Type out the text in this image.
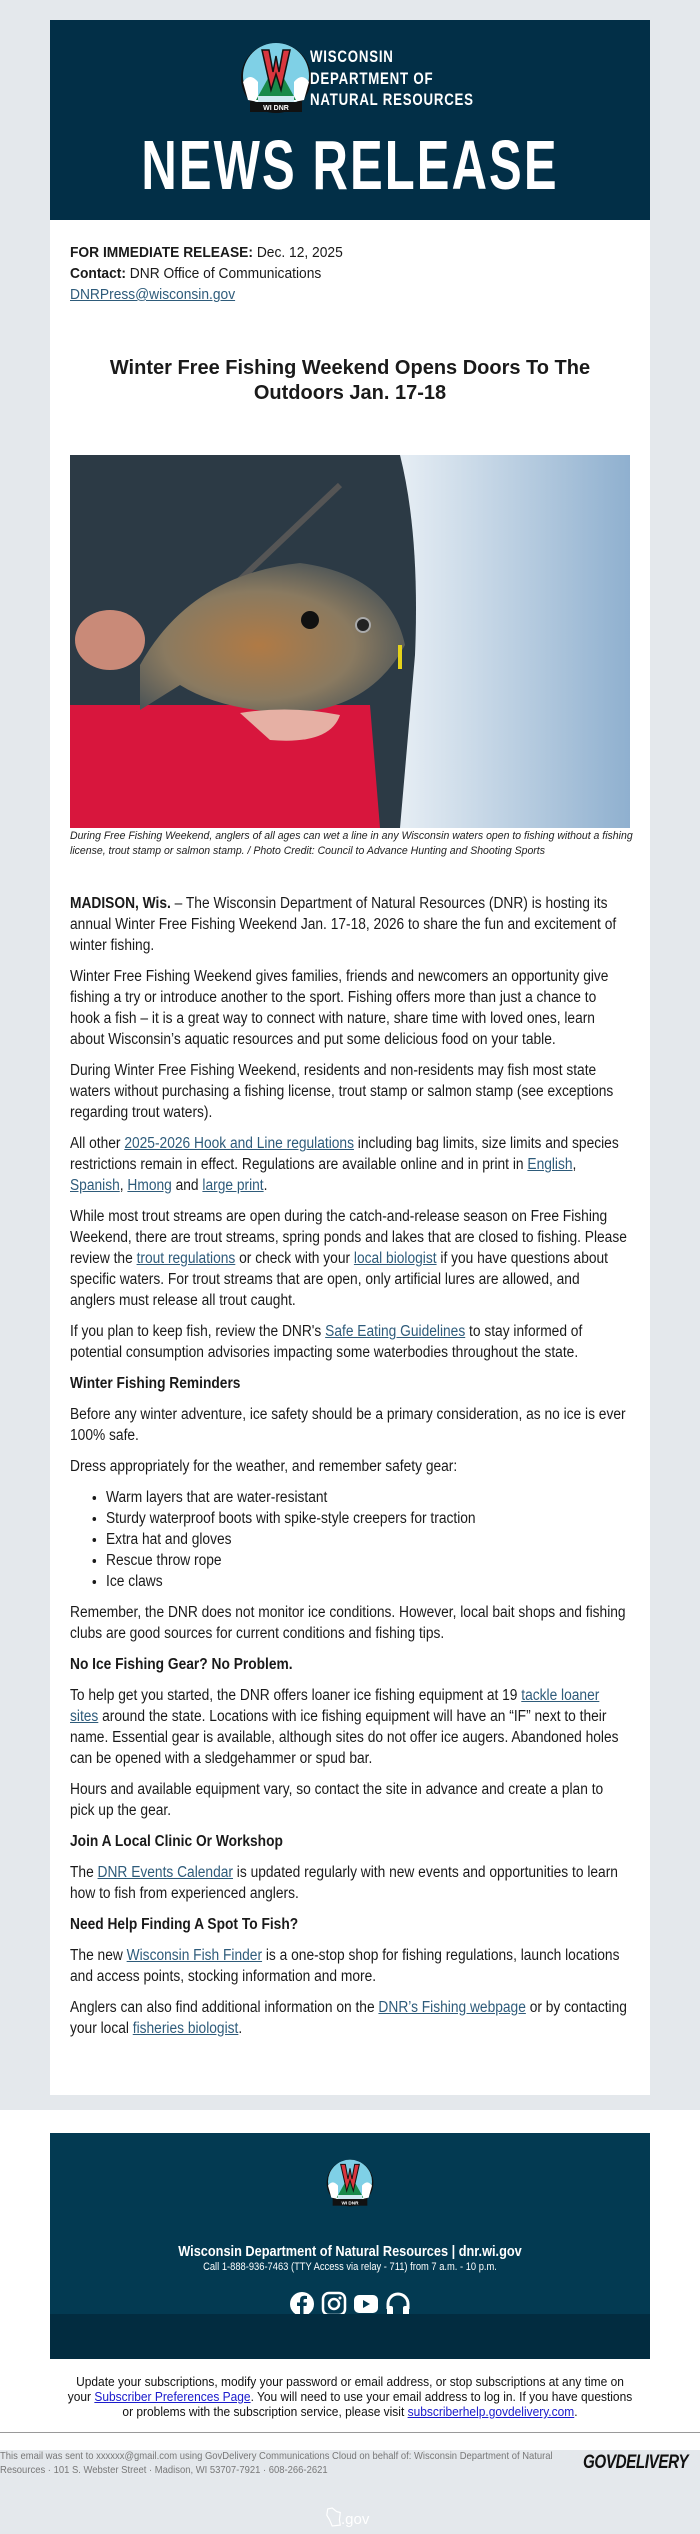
WISCONSIN
DEPARTMENT OF
NATURAL RESOURCES
NEWS RELEASE
FOR IMMEDIATE RELEASE: Dec. 12, 2025
Contact: DNR Office of Communications
DNRPress@wisconsin.gov
Winter Free Fishing Weekend Opens Doors To The Outdoors Jan. 17-18
During Free Fishing Weekend, anglers of all ages can wet a line in any Wisconsin waters open to fishing without a fishing license, trout stamp or salmon stamp. / Photo Credit: Council to Advance Hunting and Shooting Sports

MADISON, Wis. – The Wisconsin Department of Natural Resources (DNR) is hosting its annual Winter Free Fishing Weekend Jan. 17-18, 2026 to share the fun and excitement of winter fishing.

Winter Free Fishing Weekend gives families, friends and newcomers an opportunity give fishing a try or introduce another to the sport. Fishing offers more than just a chance to hook a fish – it is a great way to connect with nature, share time with loved ones, learn about Wisconsin’s aquatic resources and put some delicious food on your table.

During Winter Free Fishing Weekend, residents and non-residents may fish most state waters without purchasing a fishing license, trout stamp or salmon stamp (see exceptions regarding trout waters).

All other 2025-2026 Hook and Line regulations including bag limits, size limits and species restrictions remain in effect. Regulations are available online and in print in English, Spanish, Hmong and large print.

While most trout streams are open during the catch-and-release season on Free Fishing Weekend, there are trout streams, spring ponds and lakes that are closed to fishing. Please review the trout regulations or check with your local biologist if you have questions about specific waters. For trout streams that are open, only artificial lures are allowed, and anglers must release all trout caught.

If you plan to keep fish, review the DNR's Safe Eating Guidelines to stay informed of potential consumption advisories impacting some waterbodies throughout the state.

Winter Fishing Reminders

Before any winter adventure, ice safety should be a primary consideration, as no ice is ever 100% safe.

Dress appropriately for the weather, and remember safety gear:

• Warm layers that are water-resistant
• Sturdy waterproof boots with spike-style creepers for traction
• Extra hat and gloves
• Rescue throw rope
• Ice claws

Remember, the DNR does not monitor ice conditions. However, local bait shops and fishing clubs are good sources for current conditions and fishing tips.

No Ice Fishing Gear? No Problem.

To help get you started, the DNR offers loaner ice fishing equipment at 19 tackle loaner sites around the state. Locations with ice fishing equipment will have an “IF” next to their name. Essential gear is available, although sites do not offer ice augers. Abandoned holes can be opened with a sledgehammer or spud bar.

Hours and available equipment vary, so contact the site in advance and create a plan to pick up the gear.

Join A Local Clinic Or Workshop

The DNR Events Calendar is updated regularly with new events and opportunities to learn how to fish from experienced anglers.

Need Help Finding A Spot To Fish?

The new Wisconsin Fish Finder is a one-stop shop for fishing regulations, launch locations and access points, stocking information and more.

Anglers can also find additional information on the DNR’s Fishing webpage or by contacting your local fisheries biologist.

Wisconsin Department of Natural Resources | dnr.wi.gov
Call 1-888-936-7463 (TTY Access via relay - 711) from 7 a.m. - 10 p.m.
.gov
Update your subscriptions, modify your password or email address, or stop subscriptions at any time on your Subscriber Preferences Page. You will need to use your email address to log in. If you have questions or problems with the subscription service, please visit subscriberhelp.govdelivery.com.
This email was sent to xxxxxx@gmail.com using GovDelivery Communications Cloud on behalf of: Wisconsin Department of Natural Resources · 101 S. Webster Street · Madison, WI 53707-7921 · 608-266-2621	GOVDELIVERY
